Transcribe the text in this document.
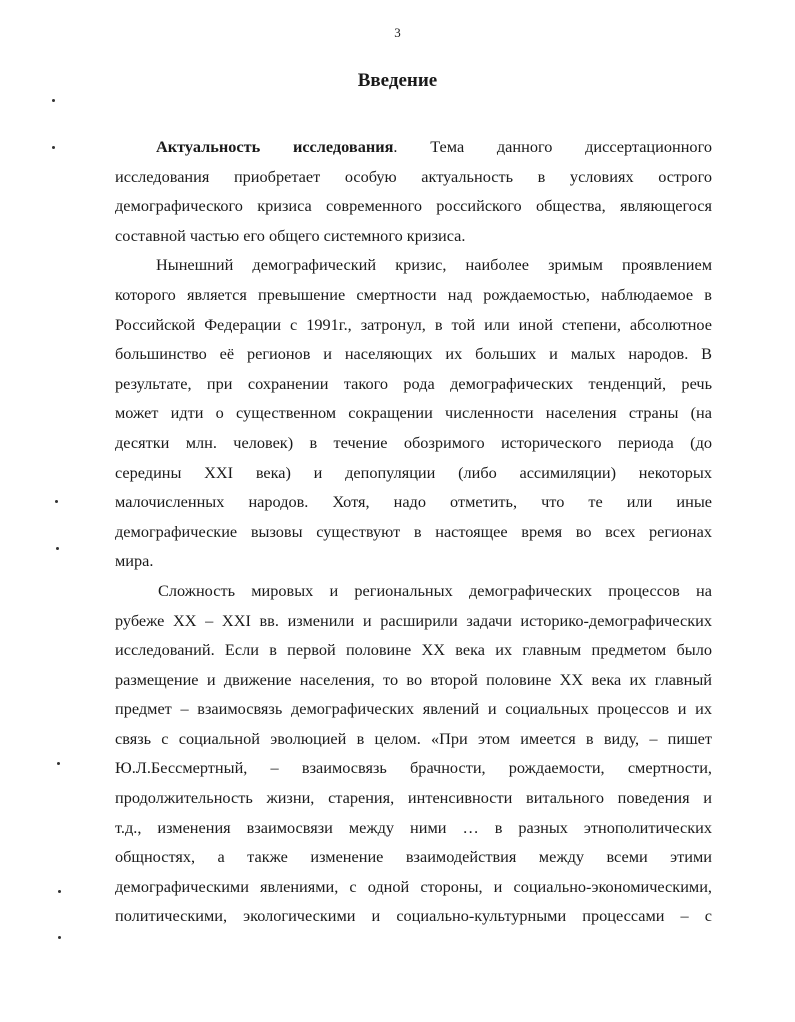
3
Введение
Актуальность исследования. Тема данного диссертационного
исследования приобретает особую актуальность в условиях острого
демографического кризиса современного российского общества, являющегося
составной частью его общего системного кризиса.
Нынешний демографический кризис, наиболее зримым проявлением
которого является превышение смертности над рождаемостью, наблюдаемое в
Российской Федерации с 1991г., затронул, в той или иной степени, абсолютное
большинство её регионов и населяющих их больших и малых народов. В
результате, при сохранении такого рода демографических тенденций, речь
может идти о существенном сокращении численности населения страны (на
десятки млн. человек) в течение обозримого исторического периода (до
середины XXI века) и депопуляции (либо ассимиляции) некоторых
малочисленных народов. Хотя, надо отметить, что те или иные
демографические вызовы существуют в настоящее время во всех регионах
мира.
Сложность мировых и региональных демографических процессов на
рубеже XX – XXI вв. изменили и расширили задачи историко-демографических
исследований. Если в первой половине XX века их главным предметом было
размещение и движение населения, то во второй половине XX века их главный
предмет – взаимосвязь демографических явлений и социальных процессов и их
связь с социальной эволюцией в целом. «При этом имеется в виду, – пишет
Ю.Л.Бессмертный, – взаимосвязь брачности, рождаемости, смертности,
продолжительность жизни, старения, интенсивности витального поведения и
т.д., изменения взаимосвязи между ними … в разных этнополитических
общностях, а также изменение взаимодействия между всеми этими
демографическими явлениями, с одной стороны, и социально-экономическими,
политическими, экологическими и социально-культурными процессами – с
